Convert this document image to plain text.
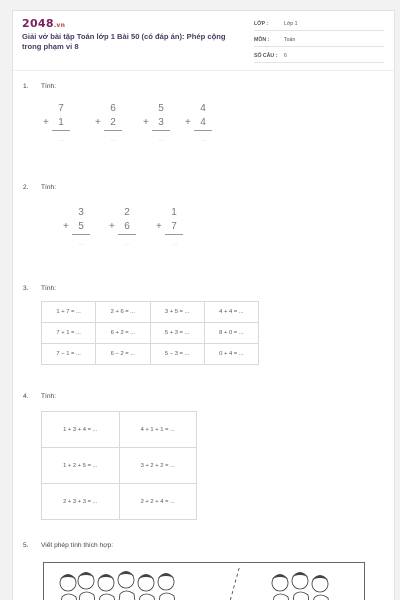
2048.vn
Giải vở bài tập Toán lớp 1 Bài 50 (có đáp án): Phép cộng trong phạm vi 8
LỚP :	Lớp 1
MÔN :	Toán
SỐ CÂU :	6
1. Tính:
+
7
1
...
+
6
2
...
+
5
3
...
+
4
4
...
2. Tính:
+
3
5
...
+
2
6
...
+
1
7
...
3. Tính:
1 + 7 = ...	2 + 6 = ...	3 + 5 = ...	4 + 4 = ...
7 + 1 = ...	6 + 2 = ...	5 + 3 = ...	8 + 0 = ...
7 − 1 = ...	6 − 2 = ...	5 − 3 = ...	0 + 4 = ...
4. Tính:
1 + 3 + 4 = ...	4 + 1 + 1 = ...
1 + 2 + 5 = ...	3 + 2 + 2 = ...
2 + 3 + 3 = ...	2 + 2 + 4 = ...
5. Viết phép tính thích hợp:
